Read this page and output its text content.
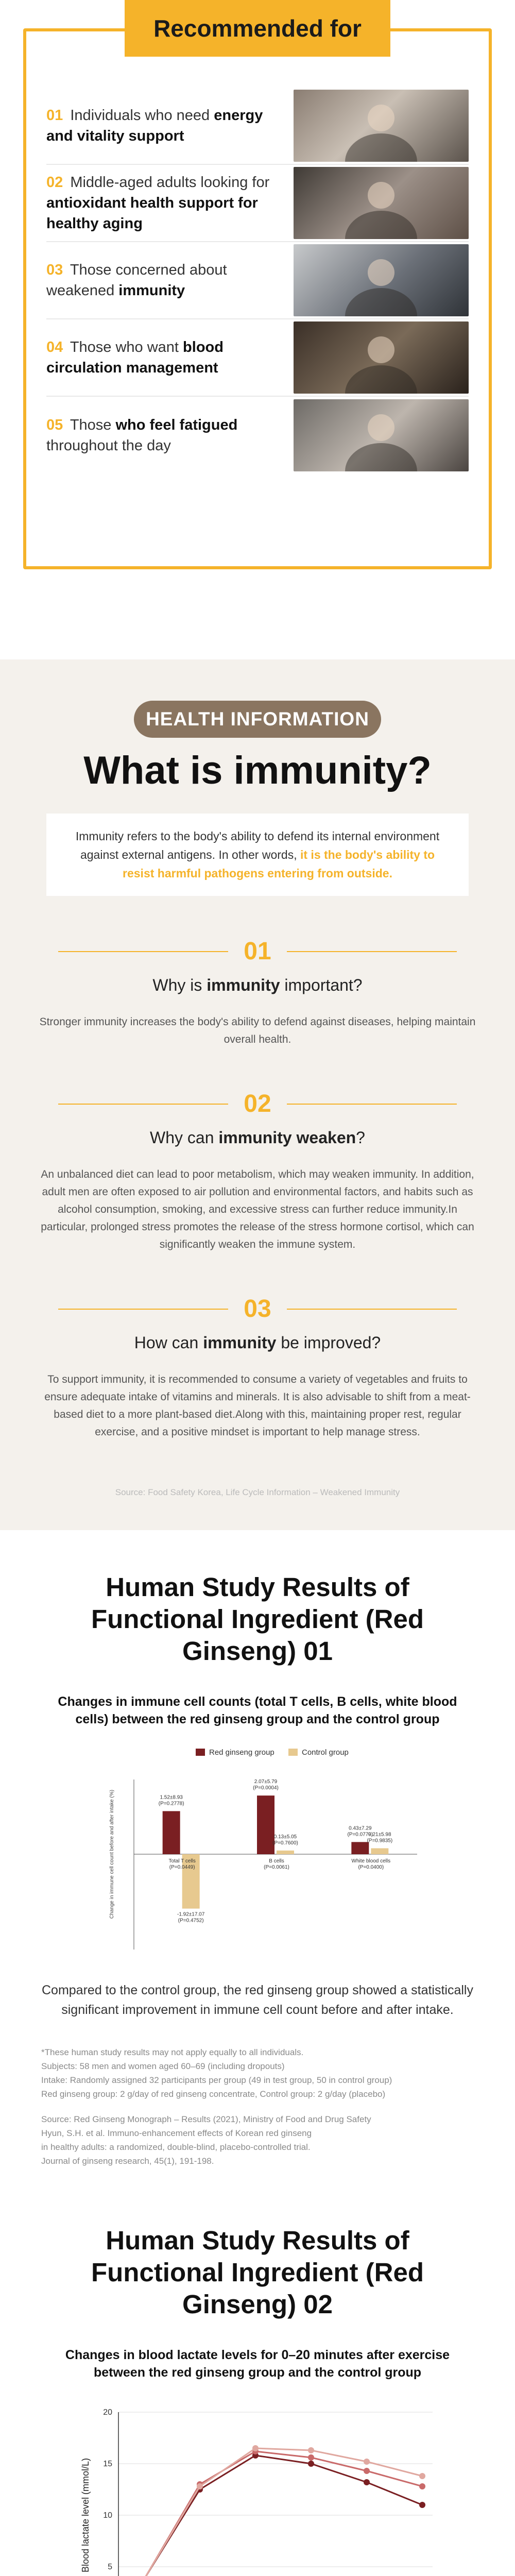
Recommended for
01 Individuals who need energy and vitality support
02 Middle-aged adults looking for antioxidant health support for healthy aging
03 Those concerned about weakened immunity
04 Those who want blood circulation management
05 Those who feel fatigued throughout the day
HEALTH INFORMATION
What is immunity?
Immunity refers to the body's ability to defend its internal environment against external antigens. In other words, it is the body's ability to resist harmful pathogens entering from outside.
01
Why is immunity important?
Stronger immunity increases the body's ability to defend against diseases, helping maintain overall health.
02
Why can immunity weaken?
An unbalanced diet can lead to poor metabolism, which may weaken immunity. In addition, adult men are often exposed to air pollution and environmental factors, and habits such as alcohol consumption, smoking, and excessive stress can further reduce immunity.In particular, prolonged stress promotes the release of the stress hormone cortisol, which can significantly weaken the immune system.
03
How can immunity be improved?
To support immunity, it is recommended to consume a variety of vegetables and fruits to ensure adequate intake of vitamins and minerals. It is also advisable to shift from a meat-based diet to a more plant-based diet.Along with this, maintaining proper rest, regular exercise, and a positive mindset is important to help manage stress.
Source: Food Safety Korea, Life Cycle Information – Weakened Immunity
Human Study Results of Functional Ingredient (Red Ginseng) 01
Changes in immune cell counts (total T cells, B cells, white blood cells) between the red ginseng group and the control group
Red ginseng group	Control group
Change in immune cell count before and after intake (%)	1.52±8.93
(P=0.2778)
-1.92±17.07
(P=0.4752)
Total T cells
(P=0.0449)
2.07±5.79
(P=0.0004)
0.13±5.05
(P=0.7600)
B cells
(P=0.0061)
0.43±7.29
(P=0.0779)
0.21±5.98
(P=0.9835)
White blood cells
(P=0.0400)
Compared to the control group, the red ginseng group showed a statistically significant improvement in immune cell count before and after intake.

*These human study results may not apply equally to all individuals.

Subjects: 58 men and women aged 60–69 (including dropouts)

Intake: Randomly assigned 32 participants per group (49 in test group, 50 in control group)

Red ginseng group: 2 g/day of red ginseng concentrate, Control group: 2 g/day (placebo)

Source: Red Ginseng Monograph – Results (2021), Ministry of Food and Drug Safety

Hyun, S.H. et al. Immuno-enhancement effects of Korean red ginseng

in healthy adults: a randomized, double-blind, placebo-controlled trial.

Journal of ginseng research, 45(1), 191-198.

Human Study Results of Functional Ingredient (Red Ginseng) 02
Changes in blood lactate levels for 0–20 minutes after exercise between the red ginseng group and the control group
5
10
15
20
Blood lactate level (mmol/L)
